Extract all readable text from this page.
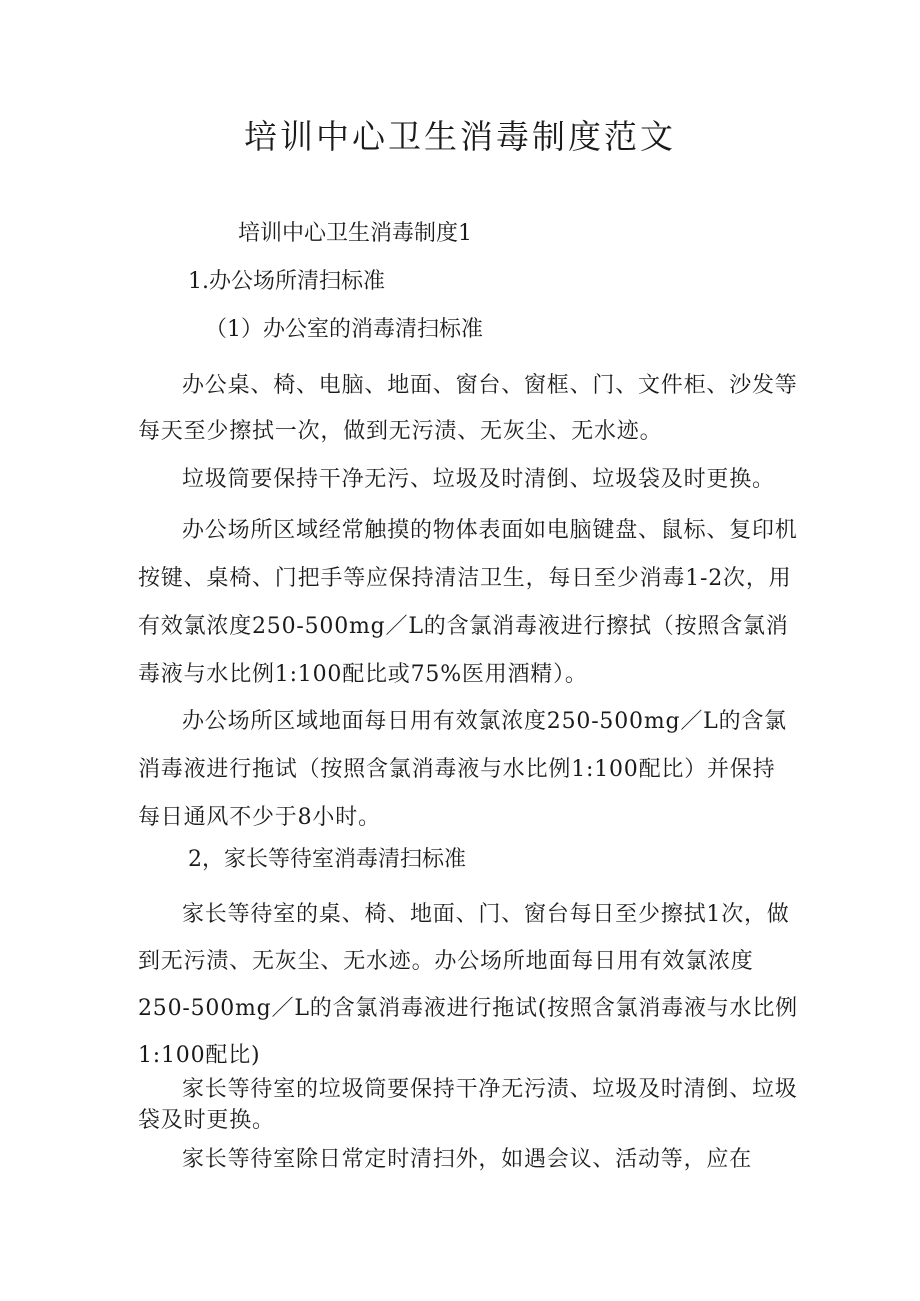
培训中心卫生消毒制度范文

培训中心卫生消毒制度1

1.办公场所清扫标准

（1）办公室的消毒清扫标准

办公桌、椅、电脑、地面、窗台、窗框、门、文件柜、沙发等每天至少擦拭一次，做到无污渍、无灰尘、无水迹。

垃圾筒要保持干净无污、垃圾及时清倒、垃圾袋及时更换。

办公场所区域经常触摸的物体表面如电脑键盘、鼠标、复印机按键、桌椅、门把手等应保持清洁卫生，每日至少消毒1-2次，用有效氯浓度250-500mg／L的含氯消毒液进行擦拭（按照含氯消毒液与水比例1:100配比或75%医用酒精）。

办公场所区域地面每日用有效氯浓度250-500mg／L的含氯消毒液进行拖试（按照含氯消毒液与水比例1:100配比）并保持每日通风不少于8小时。

2，家长等待室消毒清扫标准

家长等待室的桌、椅、地面、门、窗台每日至少擦拭1次，做到无污渍、无灰尘、无水迹。办公场所地面每日用有效氯浓度250-500mg／L的含氯消毒液进行拖试(按照含氯消毒液与水比例1:100配比)

家长等待室的垃圾筒要保持干净无污渍、垃圾及时清倒、垃圾袋及时更换。

家长等待室除日常定时清扫外，如遇会议、活动等，应在
